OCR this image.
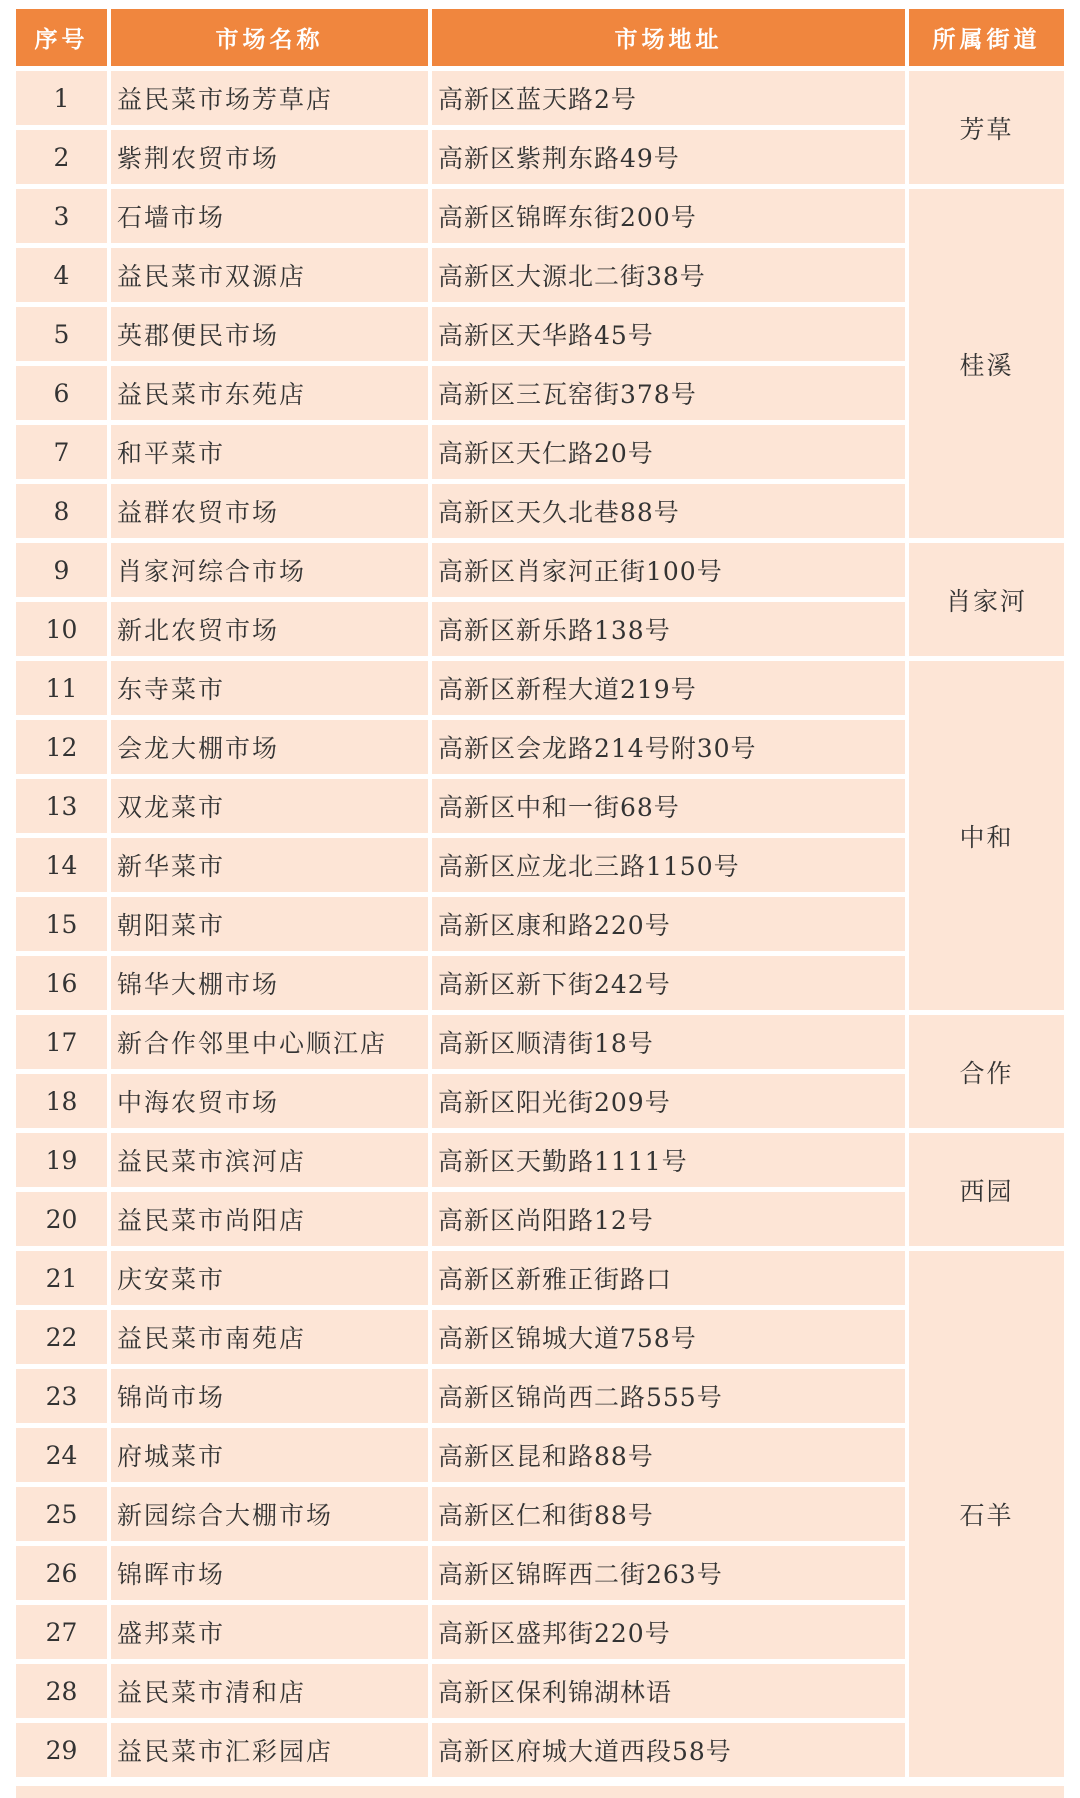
序号	市场名称	市场地址	所属街道
1	益民菜市场芳草店	高新区蓝天路2号	芳草
2	紫荆农贸市场	高新区紫荆东路49号	
3	石墙市场	高新区锦晖东街200号	桂溪
4	益民菜市双源店	高新区大源北二街38号	
5	英郡便民市场	高新区天华路45号	
6	益民菜市东苑店	高新区三瓦窑街378号	
7	和平菜市	高新区天仁路20号	
8	益群农贸市场	高新区天久北巷88号	
9	肖家河综合市场	高新区肖家河正街100号	肖家河
10	新北农贸市场	高新区新乐路138号	
11	东寺菜市	高新区新程大道219号	中和
12	会龙大棚市场	高新区会龙路214号附30号	
13	双龙菜市	高新区中和一街68号	
14	新华菜市	高新区应龙北三路1150号	
15	朝阳菜市	高新区康和路220号	
16	锦华大棚市场	高新区新下街242号	
17	新合作邻里中心顺江店	高新区顺清街18号	合作
18	中海农贸市场	高新区阳光街209号	
19	益民菜市滨河店	高新区天勤路1111号	西园
20	益民菜市尚阳店	高新区尚阳路12号	
21	庆安菜市	高新区新雅正街路口	石羊
22	益民菜市南苑店	高新区锦城大道758号	
23	锦尚市场	高新区锦尚西二路555号	
24	府城菜市	高新区昆和路88号	
25	新园综合大棚市场	高新区仁和街88号	
26	锦晖市场	高新区锦晖西二街263号	
27	盛邦菜市	高新区盛邦街220号	
28	益民菜市清和店	高新区保利锦湖林语	
29	益民菜市汇彩园店	高新区府城大道西段58号	
